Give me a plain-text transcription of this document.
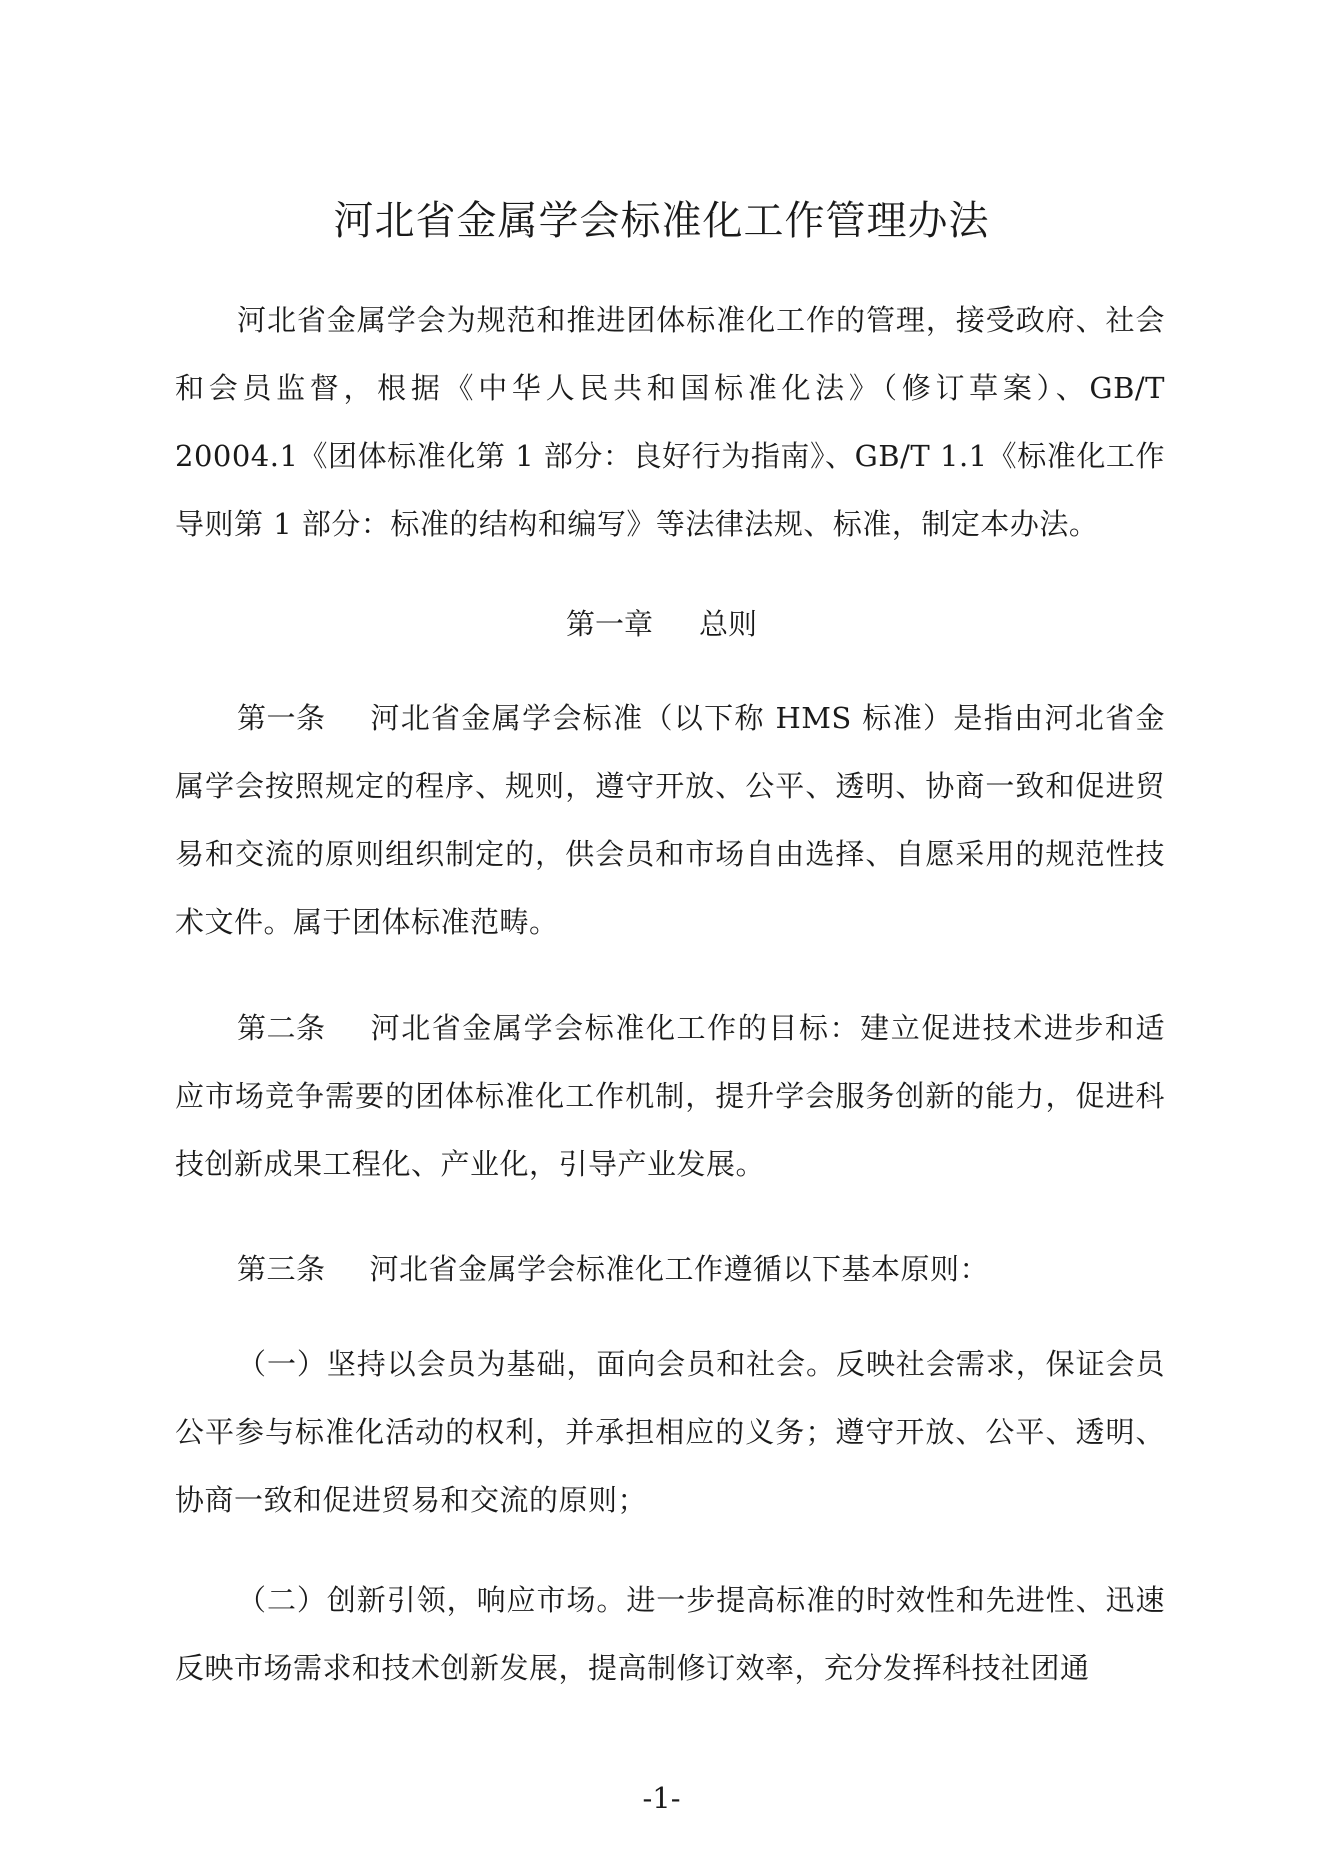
河北省金属学会标准化工作管理办法

河北省金属学会为规范和推进团体标准化工作的管理，接受政府、社会和会员监督，根据《中华人民共和国标准化法》（修订草案）、GB/T 20004.1《团体标准化第 1 部分：良好行为指南》、GB/T 1.1《标准化工作导则第 1 部分：标准的结构和编写》等法律法规、标准，制定本办法。

第一章 总则

第一条 河北省金属学会标准（以下称 HMS 标准）是指由河北省金属学会按照规定的程序、规则，遵守开放、公平、透明、协商一致和促进贸易和交流的原则组织制定的，供会员和市场自由选择、自愿采用的规范性技术文件。属于团体标准范畴。

第二条 河北省金属学会标准化工作的目标：建立促进技术进步和适应市场竞争需要的团体标准化工作机制，提升学会服务创新的能力，促进科技创新成果工程化、产业化，引导产业发展。

第三条 河北省金属学会标准化工作遵循以下基本原则：

（一）坚持以会员为基础，面向会员和社会。反映社会需求，保证会员公平参与标准化活动的权利，并承担相应的义务；遵守开放、公平、透明、协商一致和促进贸易和交流的原则；

（二）创新引领，响应市场。进一步提高标准的时效性和先进性、迅速反映市场需求和技术创新发展，提高制修订效率，充分发挥科技社团通

-1-
